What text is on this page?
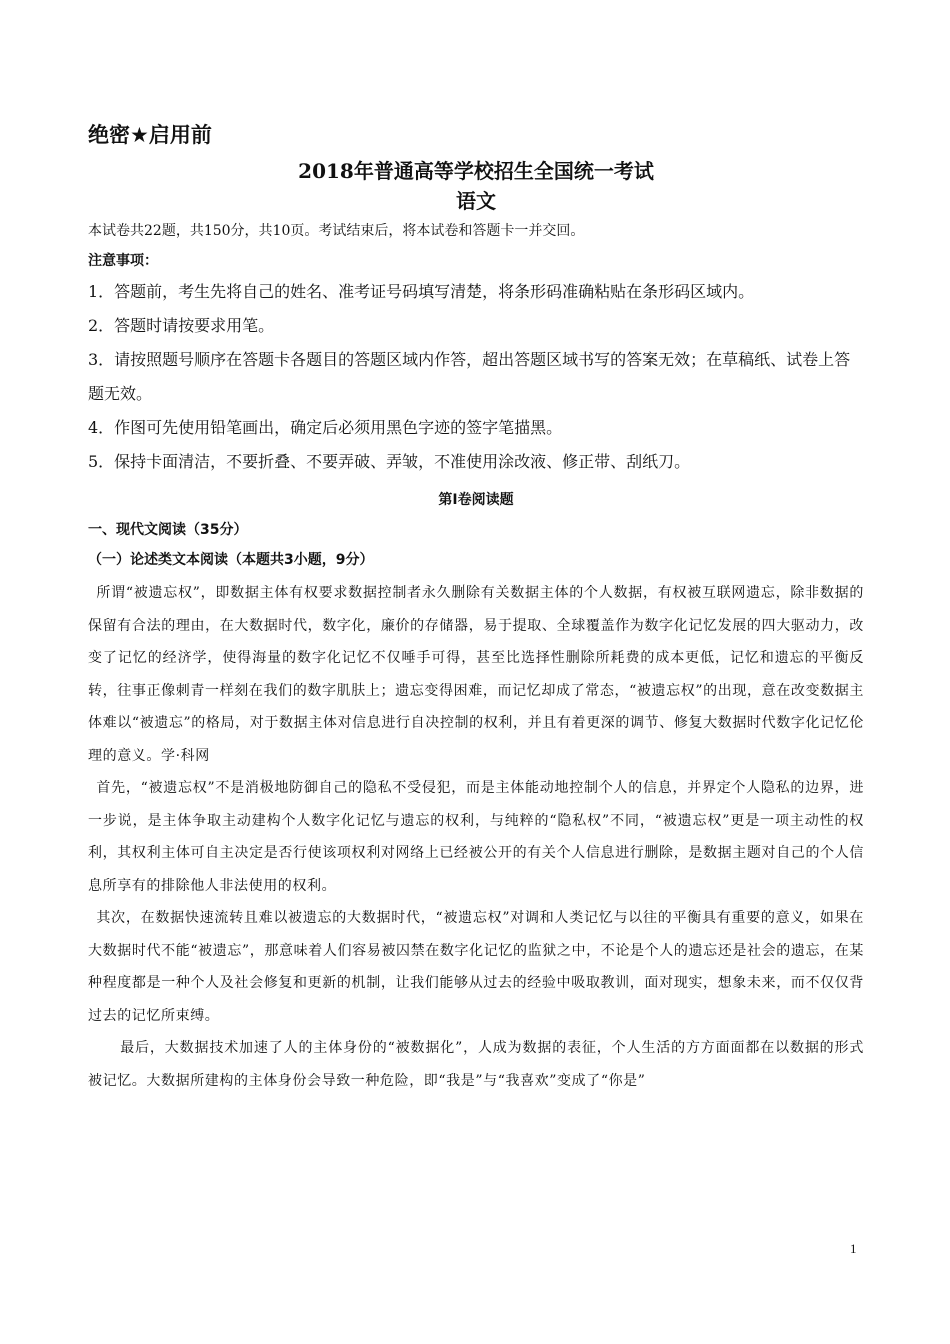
绝密★启用前

2018年普通高等学校招生全国统一考试

语文

本试卷共22题，共150分，共10页。考试结束后，将本试卷和答题卡一并交回。

注意事项：

1．答题前，考生先将自己的姓名、准考证号码填写清楚，将条形码准确粘贴在条形码区域内。

2．答题时请按要求用笔。

3．请按照题号顺序在答题卡各题目的答题区域内作答，超出答题区域书写的答案无效；在草稿纸、试卷上答题无效。

4．作图可先使用铅笔画出，确定后必须用黑色字迹的签字笔描黑。

5．保持卡面清洁，不要折叠、不要弄破、弄皱，不准使用涂改液、修正带、刮纸刀。

第Ⅰ卷阅读题

一、现代文阅读（35分）

（一）论述类文本阅读（本题共3小题，9分）

所谓“被遗忘权”，即数据主体有权要求数据控制者永久删除有关数据主体的个人数据，有权被互联网遗忘，除非数据的保留有合法的理由，在大数据时代，数字化，廉价的存储器，易于提取、全球覆盖作为数字化记忆发展的四大驱动力，改变了记忆的经济学，使得海量的数字化记忆不仅唾手可得，甚至比选择性删除所耗费的成本更低，记忆和遗忘的平衡反转，往事正像刺青一样刻在我们的数字肌肤上；遗忘变得困难，而记忆却成了常态，“被遗忘权”的出现，意在改变数据主体难以“被遗忘”的格局，对于数据主体对信息进行自决控制的权利，并且有着更深的调节、修复大数据时代数字化记忆伦理的意义。学·科网

首先，“被遗忘权”不是消极地防御自己的隐私不受侵犯，而是主体能动地控制个人的信息，并界定个人隐私的边界，进一步说，是主体争取主动建构个人数字化记忆与遗忘的权利，与纯粹的“隐私权”不同，“被遗忘权”更是一项主动性的权利，其权利主体可自主决定是否行使该项权利对网络上已经被公开的有关个人信息进行删除，是数据主题对自己的个人信息所享有的排除他人非法使用的权利。

其次，在数据快速流转且难以被遗忘的大数据时代，“被遗忘权”对调和人类记忆与以往的平衡具有重要的意义，如果在大数据时代不能“被遗忘”，那意味着人们容易被囚禁在数字化记忆的监狱之中，不论是个人的遗忘还是社会的遗忘，在某种程度都是一种个人及社会修复和更新的机制，让我们能够从过去的经验中吸取教训，面对现实，想象未来，而不仅仅背过去的记忆所束缚。

最后，大数据技术加速了人的主体身份的“被数据化”，人成为数据的表征，个人生活的方方面面都在以数据的形式被记忆。大数据所建构的主体身份会导致一种危险，即“我是”与“我喜欢”变成了“你是”

1
